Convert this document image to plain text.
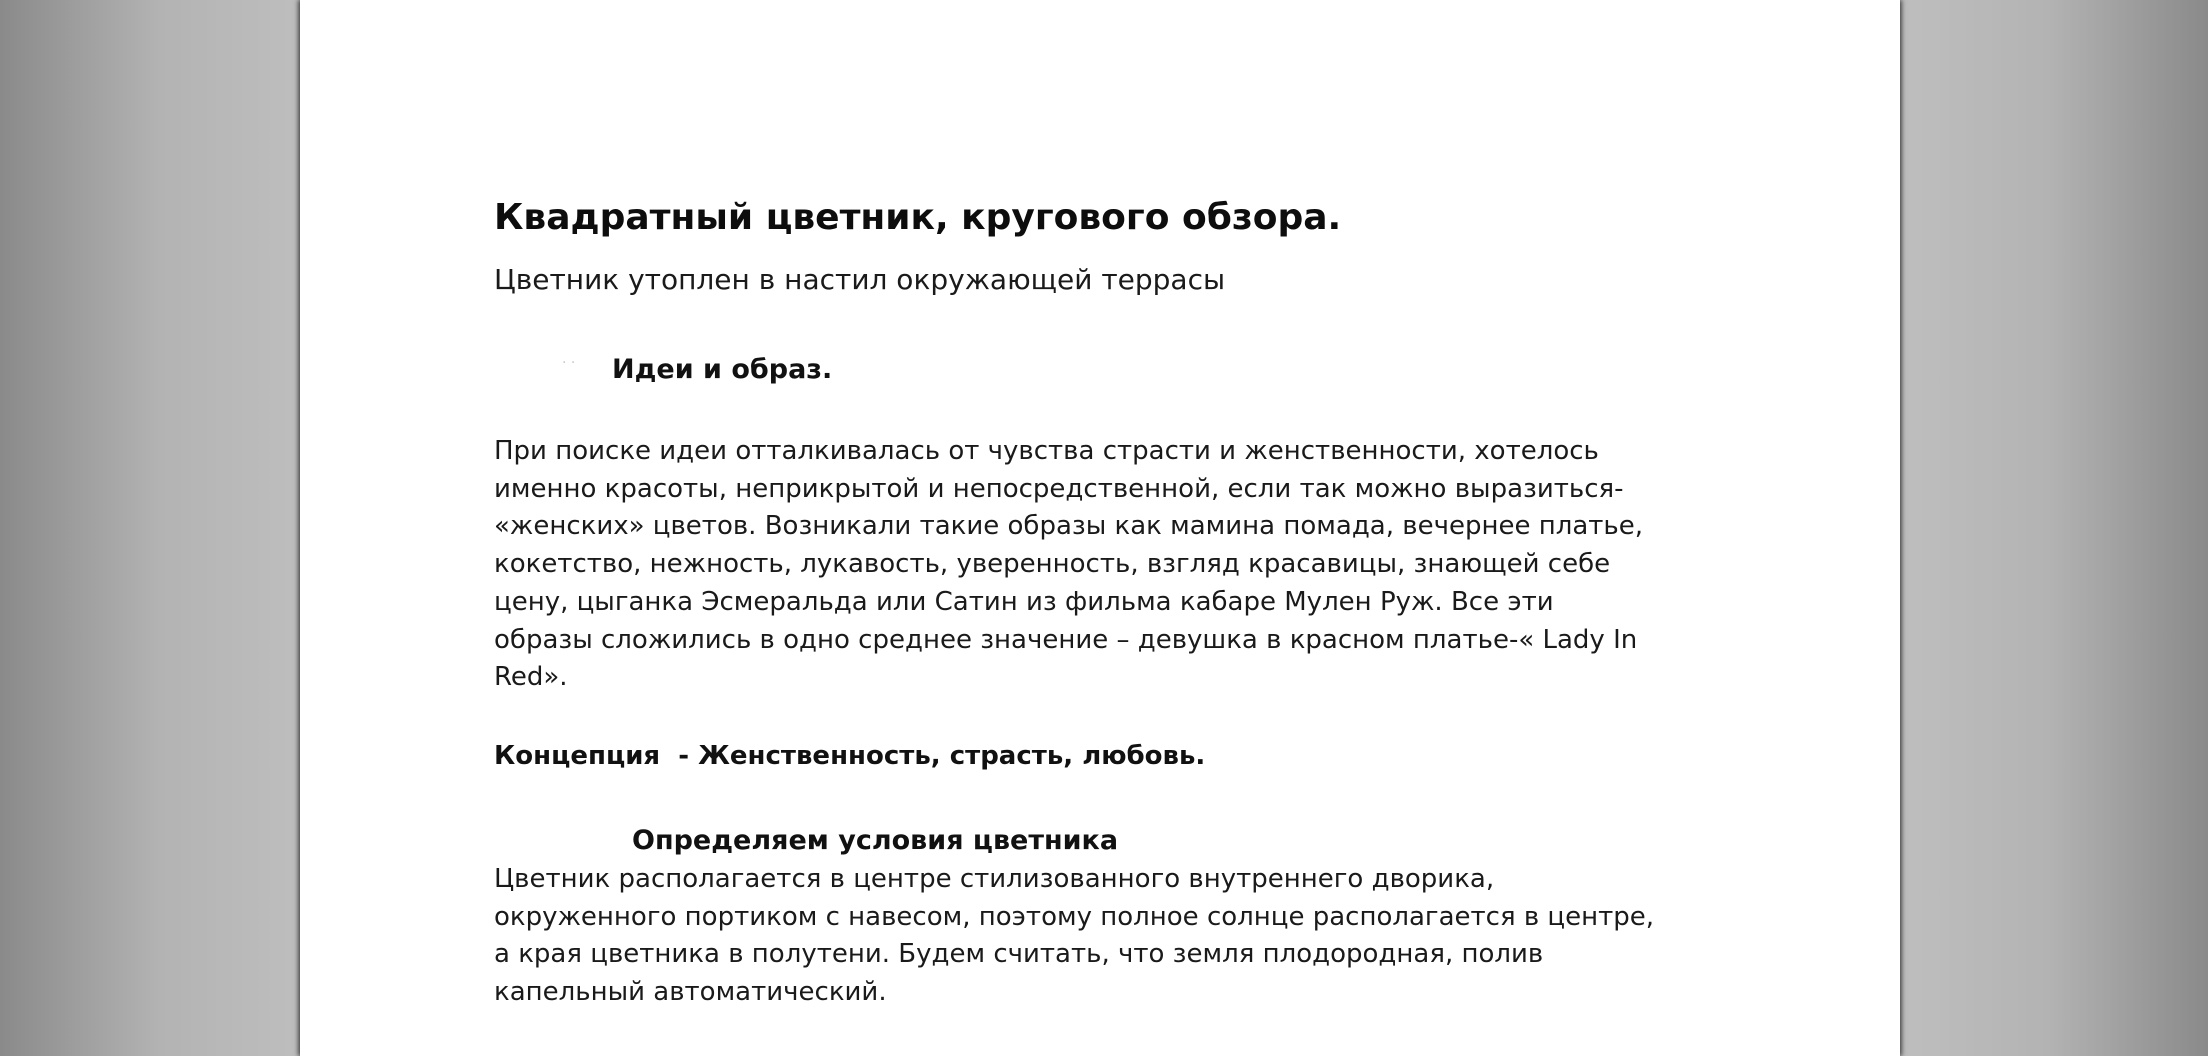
Квадратный цветник, кругового обзора.
Цветник утоплен в настил окружающей террасы
· · Идеи и образ.
При поиске идеи отталкивалась от чувства страсти и женственности, хотелось
именно красоты, неприкрытой и непосредственной, если так можно выразиться-
«женских» цветов. Возникали такие образы как мамина помада, вечернее платье,
кокетство, нежность, лукавость, уверенность, взгляд красавицы, знающей себе
цену, цыганка Эсмеральда или Сатин из фильма кабаре Мулен Руж. Все эти
образы сложились в одно среднее значение – девушка в красном платье-« Lady In
Red».
Концепция  - Женственность, страсть, любовь.
Определяем условия цветника
Цветник располагается в центре стилизованного внутреннего дворика,
окруженного портиком с навесом, поэтому полное солнце располагается в центре,
а края цветника в полутени. Будем считать, что земля плодородная, полив
капельный автоматический.
